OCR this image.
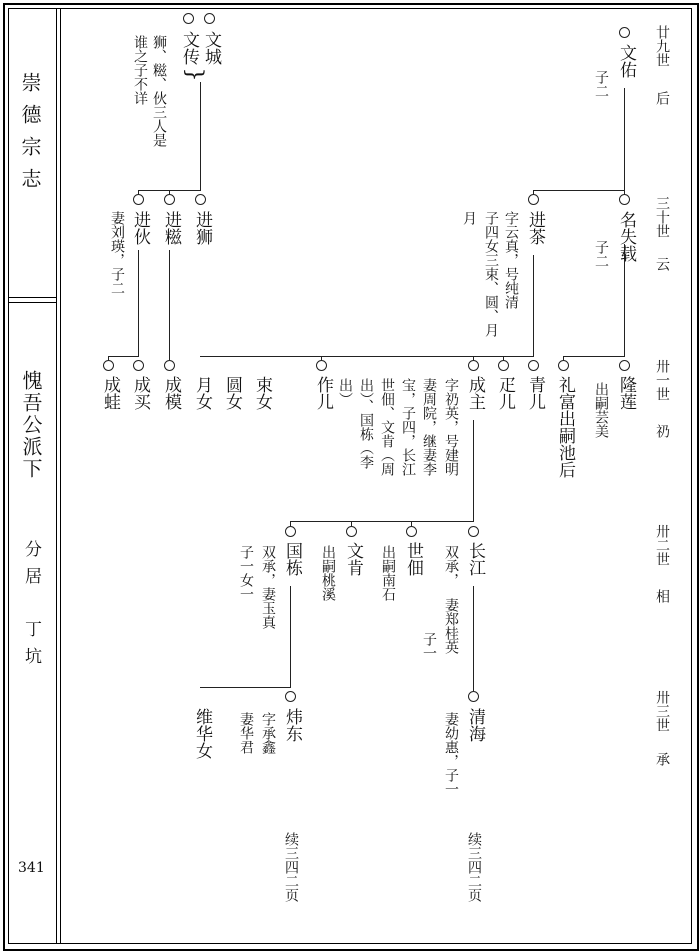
崇德宗志
愧吾公派下
分居
丁坑
341
廿九世
后
三十世
云
卅一世
礽
卅二世
相
卅三世
承
文佑
子二
文城
文传
}
狮、糍、伙三人是
谁之子不详
名失载
子二
进茶
字云真，号纯清
子四女三束、圆、月
月
进狮
进糍
进伙
妻刘瑛，子二
隆莲
出嗣芸美
礼富出嗣池后
青儿
疋儿
成主
字礽英，号建明
妻周院，继妻李
宝，子四，长江
世佃、文肯（周
出）、国栋（李
出）
作儿
束女
圆女
月女
成模
成买
成蛙
长江
双承，
妻郑桂英
子一
世佃
出嗣南石
文肯
出嗣桃溪
国栋
双承，妻玉真
子一女一
清海
妻幼惠，子一
续三四二页
炜东
字承鑫
妻华君
续三四二页
维华女
